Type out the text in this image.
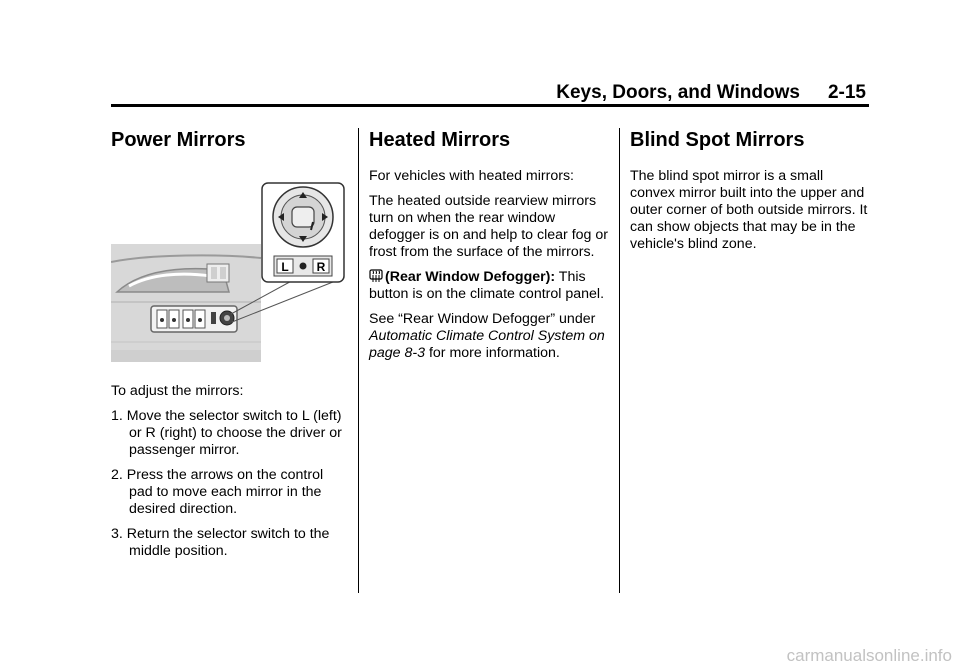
Keys, Doors, and Windows 2-15
Power Mirrors
L R

To adjust the mirrors:

1. Move the selector switch to L (left) or R (right) to choose the driver or passenger mirror.
2. Press the arrows on the control pad to move each mirror in the desired direction.
3. Return the selector switch to the middle position.
Heated Mirrors

For vehicles with heated mirrors:

The heated outside rearview mirrors turn on when the rear window defogger is on and help to clear fog or frost from the surface of the mirrors.

(Rear Window Defogger): This button is on the climate control panel.

See “Rear Window Defogger” under Automatic Climate Control System on page 8-3 for more information.

Blind Spot Mirrors

The blind spot mirror is a small convex mirror built into the upper and outer corner of both outside mirrors. It can show objects that may be in the vehicle's blind zone.

carmanualsonline.info
